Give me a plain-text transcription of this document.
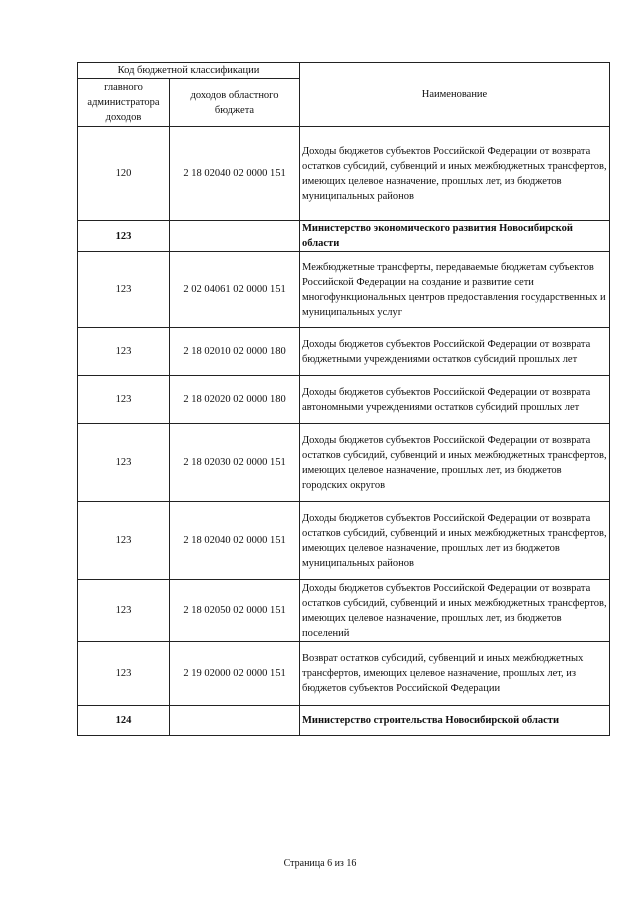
Код бюджетной классификации		Наименование
главного администратора доходов	доходов областного бюджета	
120	2 18 02040 02 0000 151	Доходы бюджетов субъектов Российской Федерации от возврата остатков субсидий, субвенций и иных межбюджетных трансфертов, имеющих целевое назначение, прошлых лет, из бюджетов муниципальных районов
123		Министерство экономического развития Новосибирской области
123	2 02 04061 02 0000 151	Межбюджетные трансферты, передаваемые бюджетам субъектов Российской Федерации на создание и развитие сети многофункциональных центров предоставления государственных и муниципальных услуг
123	2 18 02010 02 0000 180	Доходы бюджетов субъектов Российской Федерации от возврата бюджетными учреждениями остатков субсидий прошлых лет
123	2 18 02020 02 0000 180	Доходы бюджетов субъектов Российской Федерации от возврата автономными учреждениями остатков субсидий прошлых лет
123	2 18 02030 02 0000 151	Доходы бюджетов субъектов Российской Федерации от возврата остатков субсидий, субвенций и иных межбюджетных трансфертов, имеющих целевое назначение, прошлых лет, из бюджетов городских округов
123	2 18 02040 02 0000 151	Доходы бюджетов субъектов Российской Федерации от возврата остатков субсидий, субвенций и иных межбюджетных трансфертов, имеющих целевое назначение, прошлых лет из бюджетов муниципальных районов
123	2 18 02050 02 0000 151	Доходы бюджетов субъектов Российской Федерации от возврата остатков субсидий, субвенций и иных межбюджетных трансфертов, имеющих целевое назначение, прошлых лет, из бюджетов поселений
123	2 19 02000 02 0000 151	Возврат остатков субсидий, субвенций и иных межбюджетных трансфертов, имеющих целевое назначение, прошлых лет, из бюджетов субъектов Российской Федерации
124		Министерство строительства Новосибирской области
Страница 6 из 16
